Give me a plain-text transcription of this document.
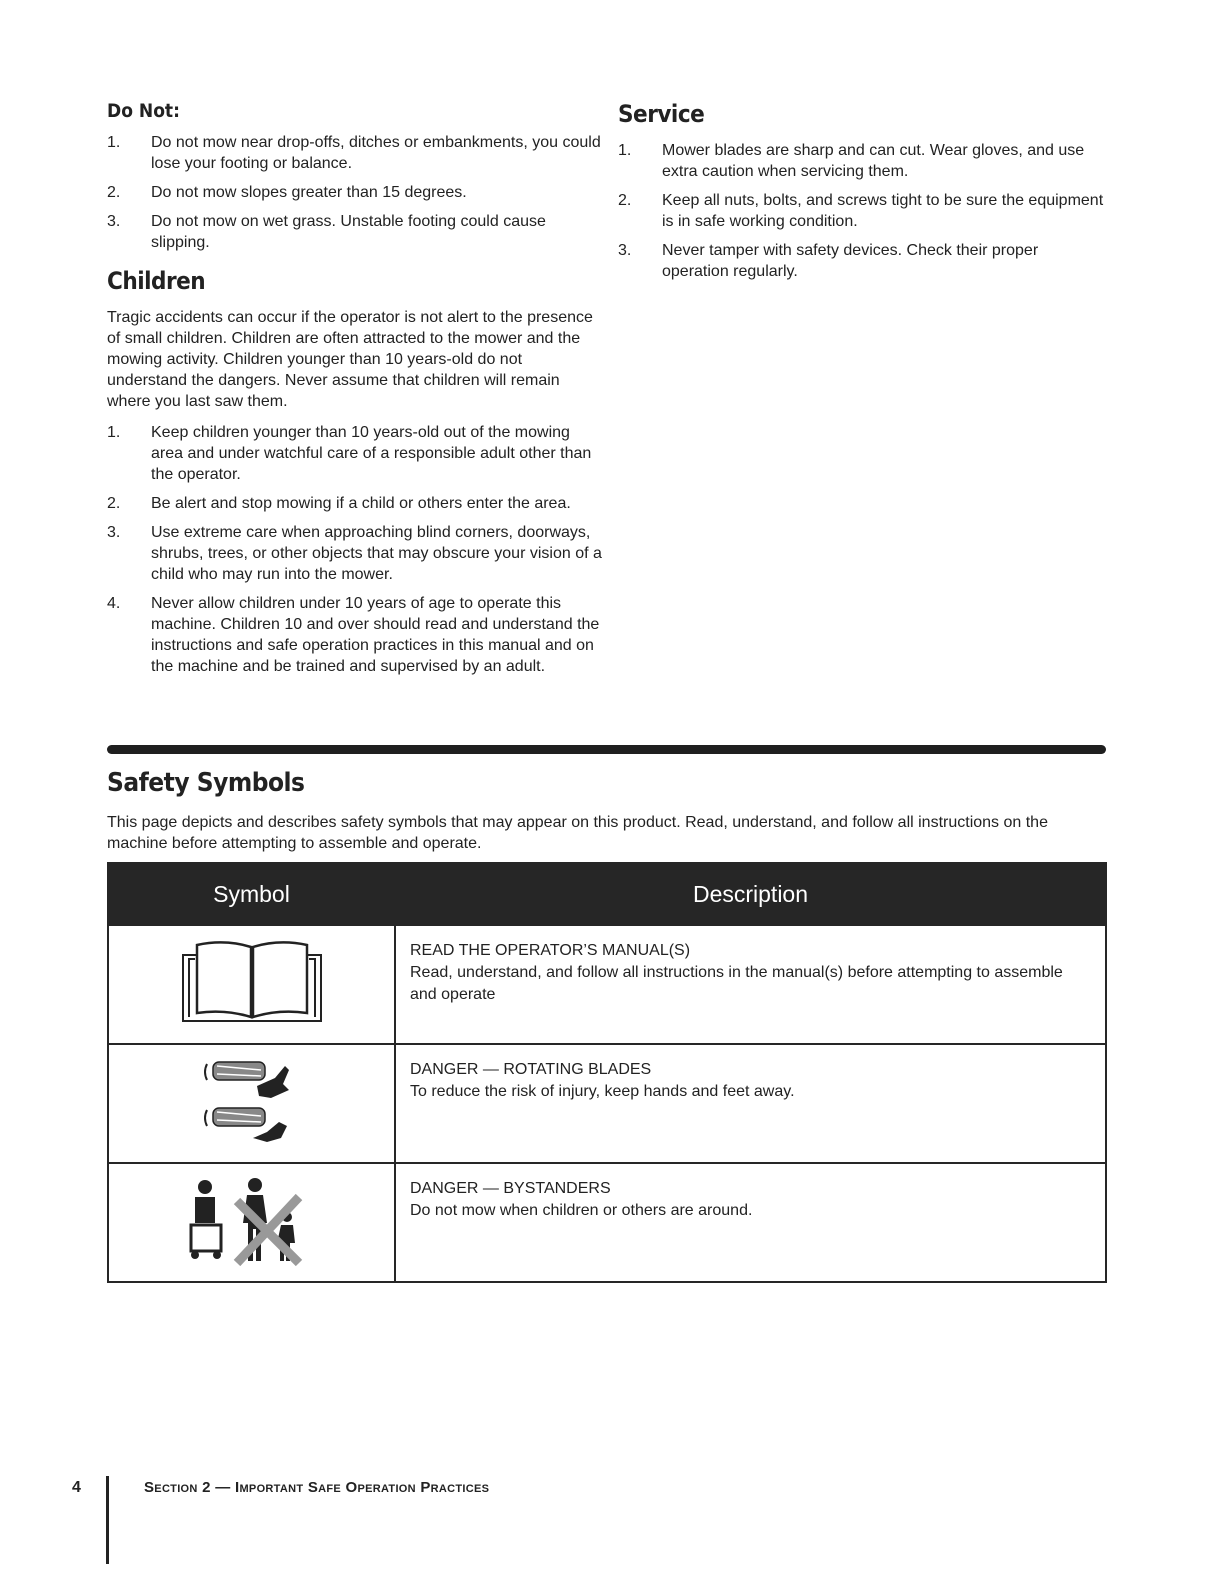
Do Not:
1. Do not mow near drop-offs, ditches or embankments, you could lose your footing or balance.
2. Do not mow slopes greater than 15 degrees.
3. Do not mow on wet grass. Unstable footing could cause slipping.
Children

Tragic accidents can occur if the operator is not alert to the presence of small children. Children are often attracted to the mower and the mowing activity. Children younger than 10 years-old do not understand the dangers. Never assume that children will remain where you last saw them.

1. Keep children younger than 10 years-old out of the mowing area and under watchful care of a responsible adult other than the operator.
2. Be alert and stop mowing if a child or others enter the area.
3. Use extreme care when approaching blind corners, doorways, shrubs, trees, or other objects that may obscure your vision of a child who may run into the mower.
4. Never allow children under 10 years of age to operate this machine. Children 10 and over should read and understand the instructions and safe operation practices in this manual and on the machine and be trained and supervised by an adult.
Service
1. Mower blades are sharp and can cut. Wear gloves, and use extra caution when servicing them.
2. Keep all nuts, bolts, and screws tight to be sure the equipment is in safe working condition.
3. Never tamper with safety devices. Check their proper operation regularly.
Safety Symbols

This page depicts and describes safety symbols that may appear on this product. Read, understand, and follow all instructions on the machine before attempting to assemble and operate.

Symbol	Description

READ THE OPERATOR’S MANUAL(S)
Read, understand, and follow all instructions in the manual(s) before attempting to assemble and operate

DANGER — ROTATING BLADES
To reduce the risk of injury, keep hands and feet away.

DANGER — BYSTANDERS
Do not mow when children or others are around.
4	Section 2 — Important Safe Operation Practices
